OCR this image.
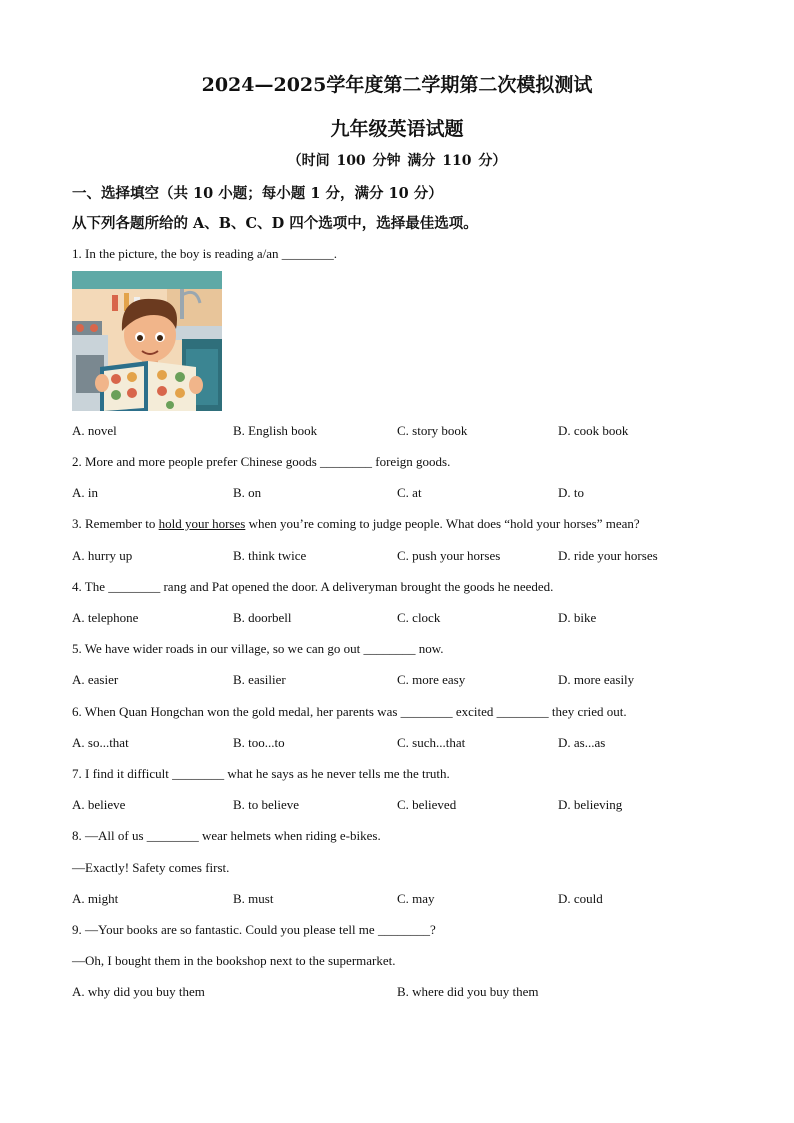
2024—2025学年度第二学期第二次模拟测试
九年级英语试题
（时间 100 分钟 满分 110 分）
一、选择填空（共 10 小题；每小题 1 分，满分 10 分）
从下列各题所给的 A、B、C、D 四个选项中，选择最佳选项。
1. In the picture, the boy is reading a/an ________.
A. novel	B. English book	C. story book	D. cook book
2. More and more people prefer Chinese goods ________ foreign goods.
A. in	B. on	C. at	D. to
3. Remember to hold your horses when you’re coming to judge people. What does “hold your horses” mean?
A. hurry up	B. think twice	C. push your horses	D. ride your horses
4. The ________ rang and Pat opened the door. A deliveryman brought the goods he needed.
A. telephone	B. doorbell	C. clock	D. bike
5. We have wider roads in our village, so we can go out ________ now.
A. easier	B. easilier	C. more easy	D. more easily
6. When Quan Hongchan won the gold medal, her parents was ________ excited ________ they cried out.
A. so...that	B. too...to	C. such...that	D. as...as
7. I find it difficult ________ what he says as he never tells me the truth.
A. believe	B. to believe	C. believed	D. believing
8. —All of us ________ wear helmets when riding e-bikes.
—Exactly! Safety comes first.
A. might	B. must	C. may	D. could
9. —Your books are so fantastic. Could you please tell me ________?
—Oh, I bought them in the bookshop next to the supermarket.
A. why did you buy them	B. where did you buy them
